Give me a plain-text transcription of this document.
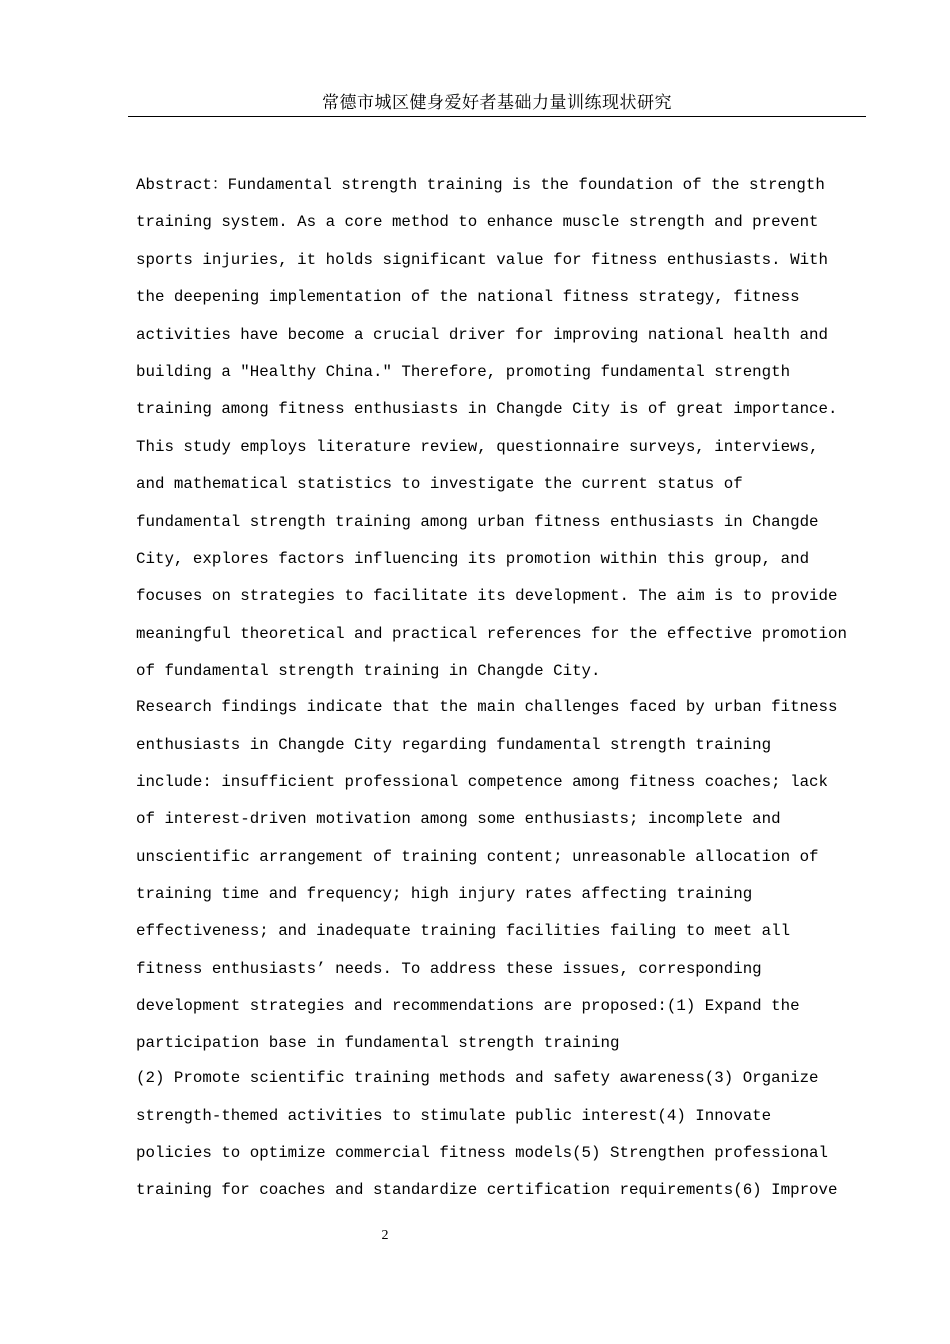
常德市城区健身爱好者基础力量训练现状研究
Abstract：Fundamental strength training is the foundation of the strength
training system. As a core method to enhance muscle strength and prevent
sports injuries, it holds significant value for fitness enthusiasts. With
the deepening implementation of the national fitness strategy, fitness
activities have become a crucial driver for improving national health and
building a "Healthy China." Therefore, promoting fundamental strength
training among fitness enthusiasts in Changde City is of great importance.
This study employs literature review, questionnaire surveys, interviews,
and mathematical statistics to investigate the current status of
fundamental strength training among urban fitness enthusiasts in Changde
City, explores factors influencing its promotion within this group, and
focuses on strategies to facilitate its development. The aim is to provide
meaningful theoretical and practical references for the effective promotion
of fundamental strength training in Changde City.
Research findings indicate that the main challenges faced by urban fitness
enthusiasts in Changde City regarding fundamental strength training
include: insufficient professional competence among fitness coaches; lack
of interest-driven motivation among some enthusiasts; incomplete and
unscientific arrangement of training content; unreasonable allocation of
training time and frequency; high injury rates affecting training
effectiveness; and inadequate training facilities failing to meet all
fitness enthusiasts’ needs. To address these issues, corresponding
development strategies and recommendations are proposed:(1) Expand the
participation base in fundamental strength training
(2) Promote scientific training methods and safety awareness(3) Organize
strength-themed activities to stimulate public interest(4) Innovate
policies to optimize commercial fitness models(5) Strengthen professional
training for coaches and standardize certification requirements(6) Improve
2
